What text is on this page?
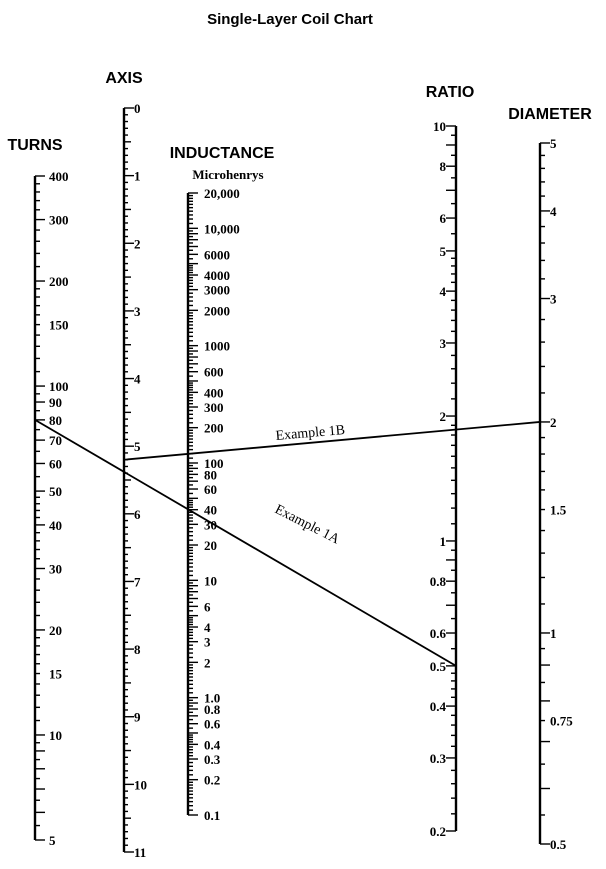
Single-Layer Coil Chart
TURNS
AXIS
INDUCTANCE
Microhenrys
RATIO
DIAMETER
400
300
200
150
100
90
80
70
60
50
40
30
20
15
10
5
0
1
2
3
4
5
6
7
8
9
10
11
20,000
10,000
6000
4000
3000
2000
1000
600
400
300
200
100
80
60
40
30
20
10
6
4
3
2
1.0
0.8
0.6
0.4
0.3
0.2
0.1
10
8
6
5
4
3
2
1
0.8
0.6
0.5
0.4
0.3
0.2
5
4
3
2
1.5
1
0.75
0.5
Example 1A
Example 1B
